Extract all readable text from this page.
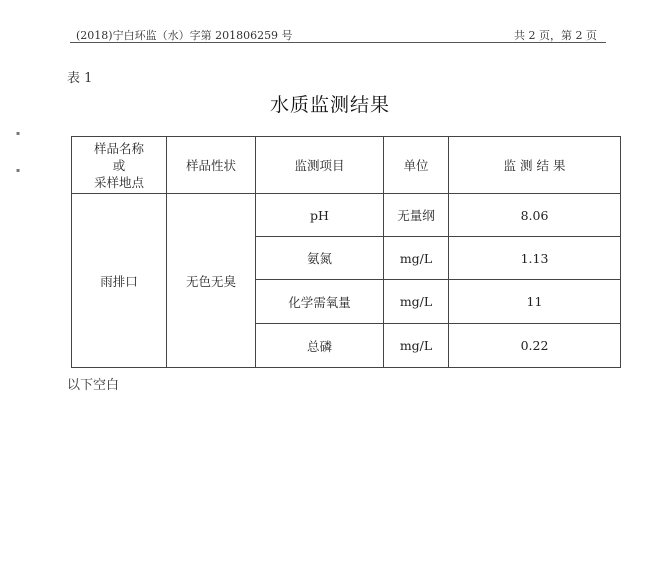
(2018)宁白环监（水）字第 201806259 号	共 2 页，第 2 页
▪
▪
表 1
水质监测结果
样品名称
或
采样地点	样品性状	监测项目	单位	监 测 结 果
雨排口	无色无臭	pH	无量纲	8.06
		氨氮	mg/L	1.13
		化学需氧量	mg/L	11
		总磷	mg/L	0.22
以下空白
